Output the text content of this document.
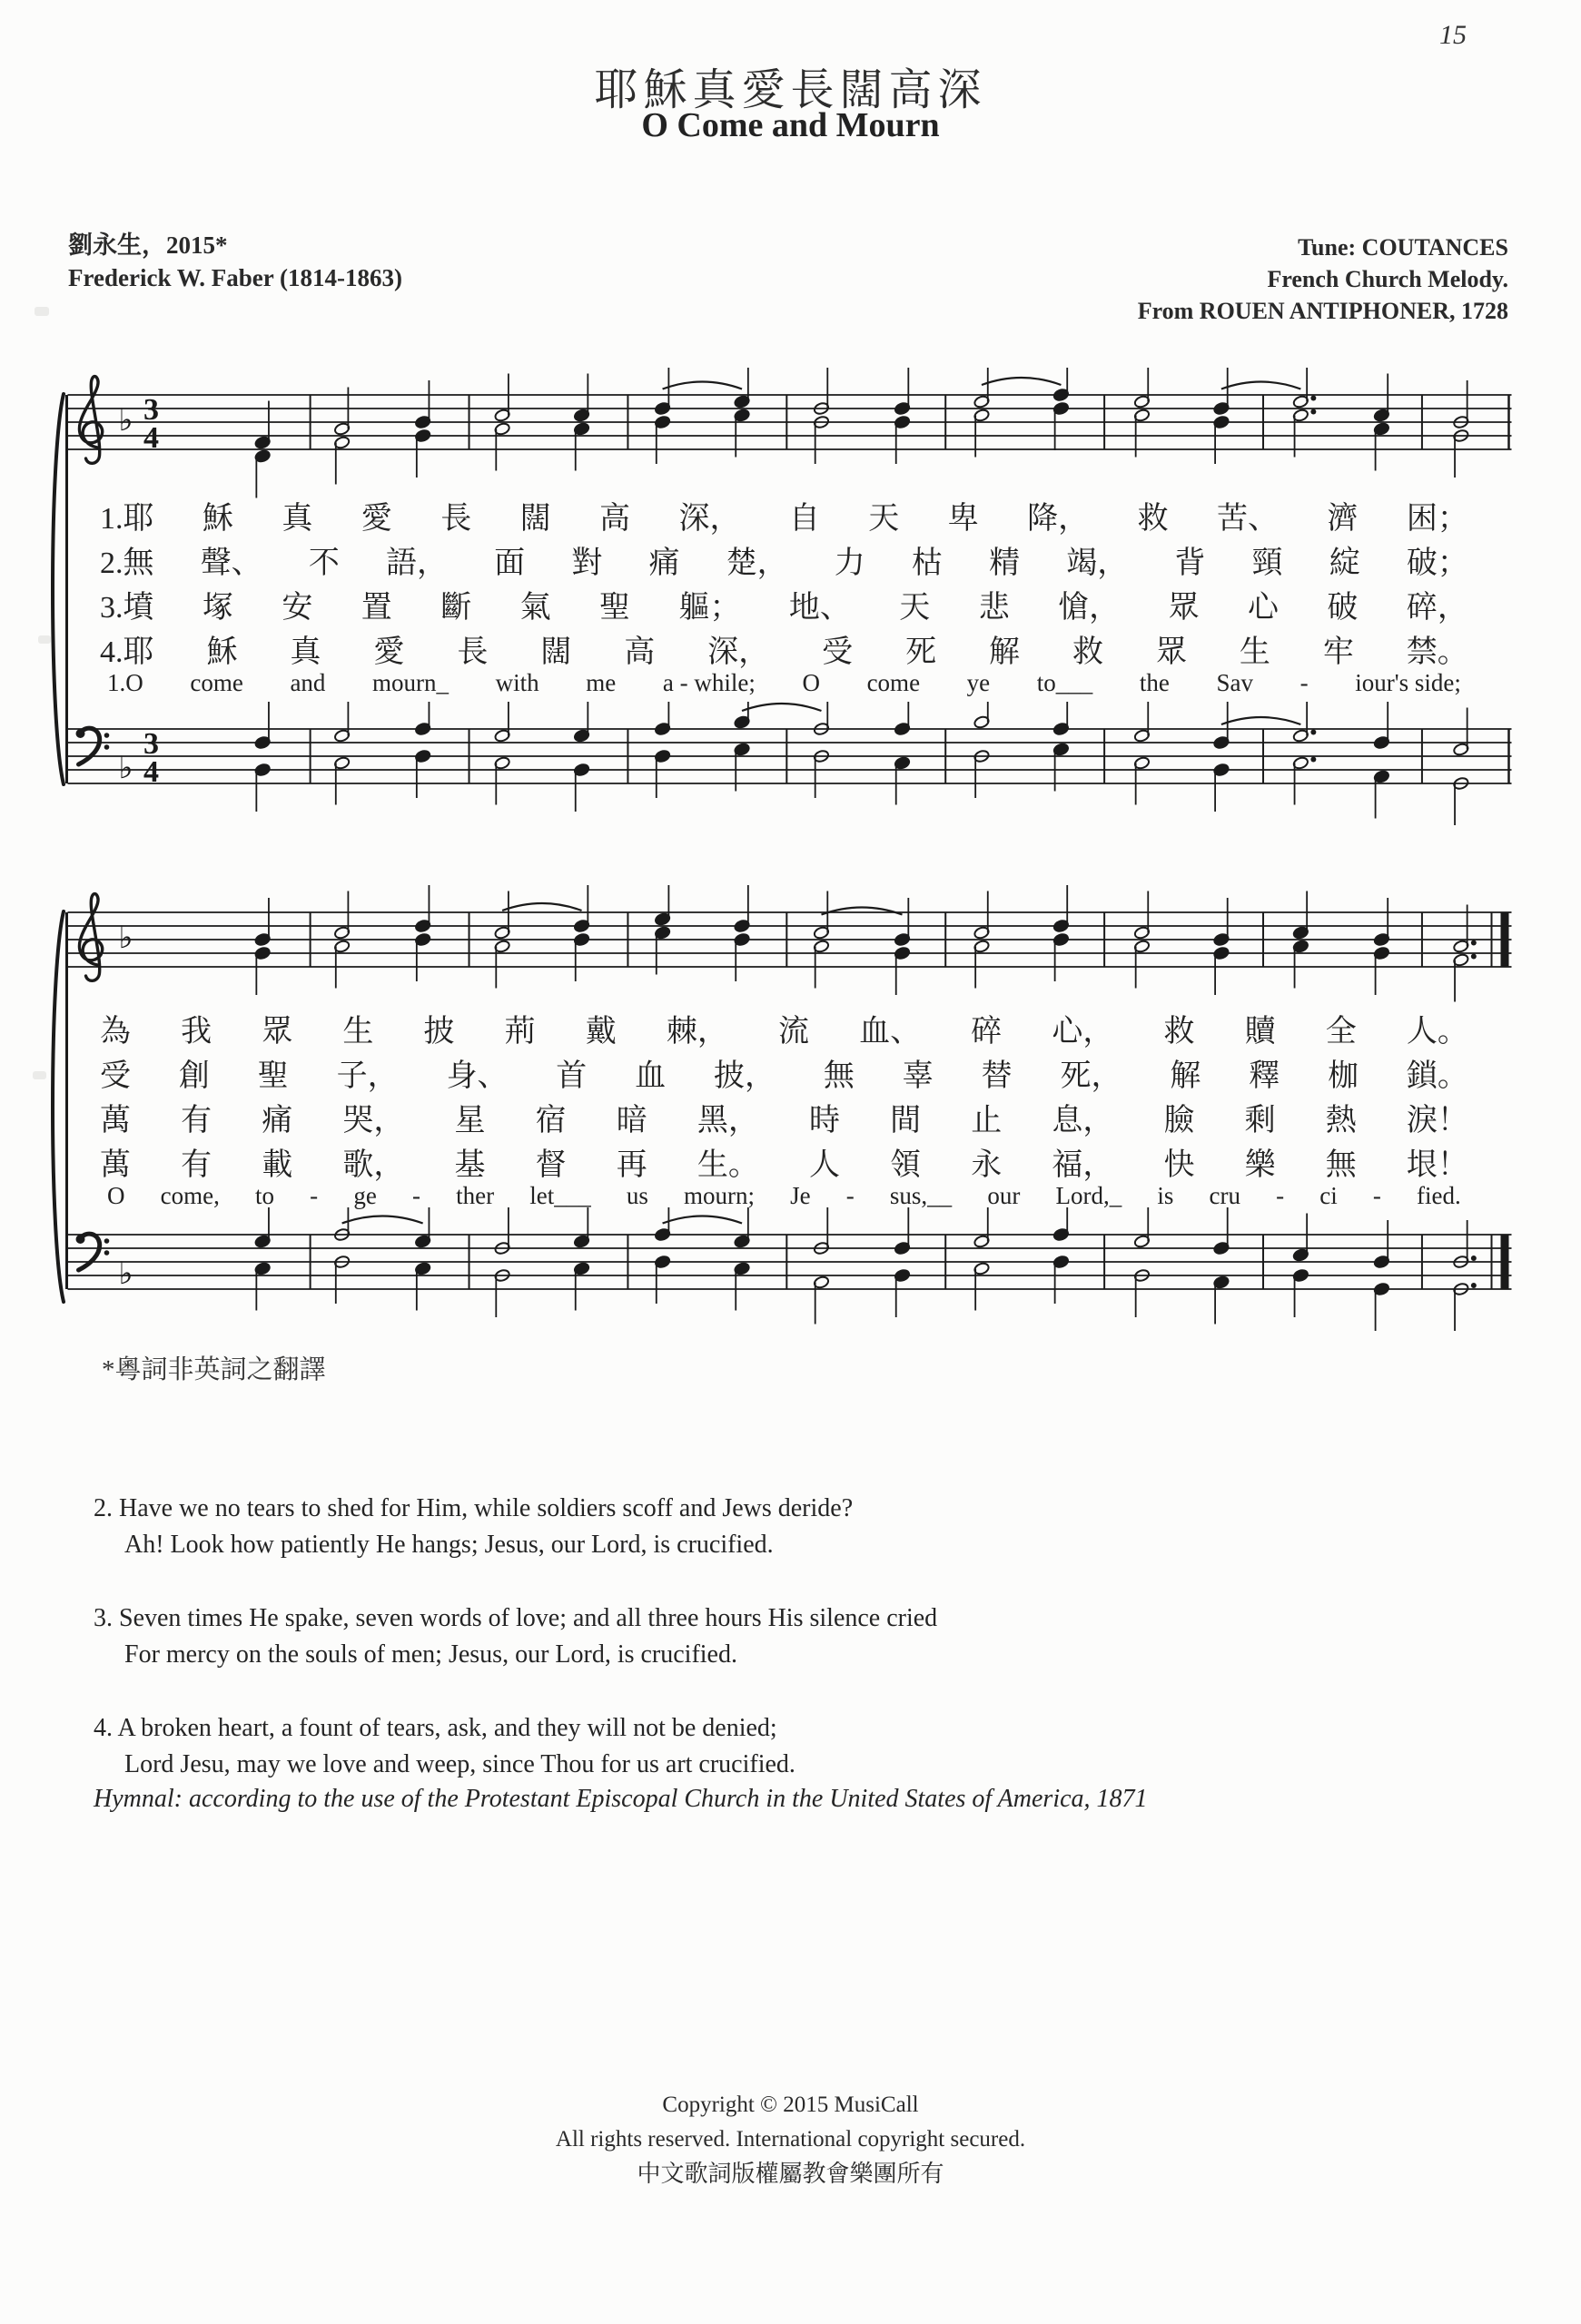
15
耶穌真愛長闊高深
O Come and Mourn
劉永生，2015*
Frederick W. Faber (1814-1863)
Tune: COUTANCES
French Church Melody.
From ROUEN ANTIPHONER, 1728
♭ 3
4
1.耶 穌 真 愛 長 闊 高 深， 自 天 卑 降， 救 苦、 濟 困；
2.無 聲、 不 語， 面 對 痛 楚， 力 枯 精 竭， 背 頸 綻 破；
3.墳 塚 安 置 斷 氣 聖 軀； 地、 天 悲 愴， 眾 心 破 碎，
4.耶 穌 真 愛 長 闊 高 深， 受 死 解 救 眾 生 牢 禁。
1.O come and mourn_ with me a - while; O come ye to___ the Sav - iour's side;
♭
3
4
♭
為 我 眾 生 披 荊 戴 棘， 流 血、 碎 心， 救 贖 全 人。
受 創 聖 子， 身、 首 血 披， 無 辜 替 死， 解 釋 枷 鎖。
萬 有 痛 哭， 星 宿 暗 黑， 時 間 止 息， 臉 剩 熱 淚！
萬 有 載 歌， 基 督 再 生。 人 領 永 福， 快 樂 無 垠！
O come, to - ge - ther let___ us mourn; Je - sus,__ our Lord,_ is cru - ci - fied.
♭
*粵詞非英詞之翻譯
2. Have we no tears to shed for Him, while soldiers scoff and Jews deride?
Ah! Look how patiently He hangs; Jesus, our Lord, is crucified.
3. Seven times He spake, seven words of love; and all three hours His silence cried
For mercy on the souls of men; Jesus, our Lord, is crucified.
4. A broken heart, a fount of tears, ask, and they will not be denied;
Lord Jesu, may we love and weep, since Thou for us art crucified.
Hymnal: according to the use of the Protestant Episcopal Church in the United States of America, 1871
Copyright © 2015 MusiCall
All rights reserved. International copyright secured.
中文歌詞版權屬教會樂團所有
